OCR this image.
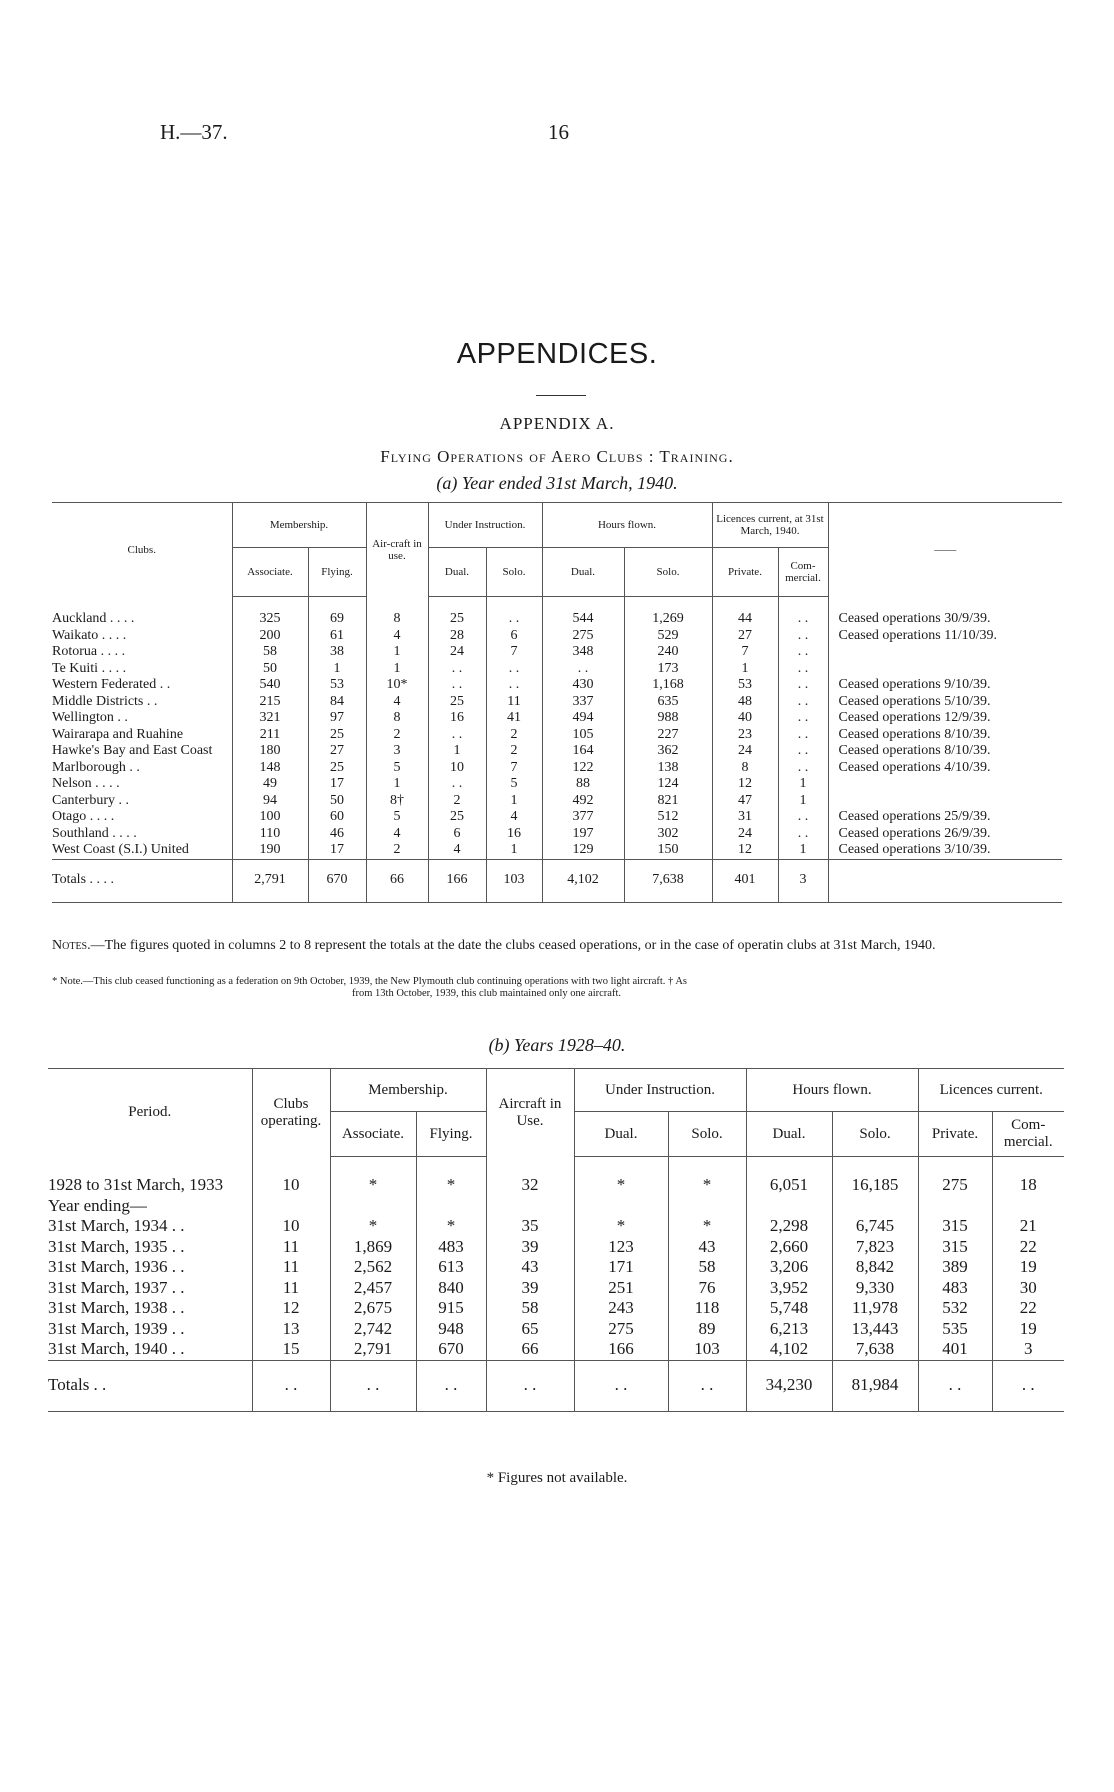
H.—37.	16
APPENDICES.
APPENDIX A.
Flying Operations of Aero Clubs : Training.
(a) Year ended 31st March, 1940.
Clubs.	Membership.		Air-craft in use.	Under Instruction.		Hours flown.		Licences current, at 31st March, 1940.		——
	Associate.	Flying.		Dual.	Solo.	Dual.	Solo.	Private.	Com-mercial.	
Auckland . . . .	325	69	8	25	. .	544	1,269	44	. .	Ceased operations 30/9/39.
Waikato . . . .	200	61	4	28	6	275	529	27	. .	Ceased operations 11/10/39.
Rotorua . . . .	58	38	1	24	7	348	240	7	. .	
Te Kuiti . . . .	50	1	1	. .	. .	. .	173	1	. .	
Western Federated . .	540	53	10*	. .	. .	430	1,168	53	. .	Ceased operations 9/10/39.
Middle Districts . .	215	84	4	25	11	337	635	48	. .	Ceased operations 5/10/39.
Wellington . .	321	97	8	16	41	494	988	40	. .	Ceased operations 12/9/39.
Wairarapa and Ruahine	211	25	2	. .	2	105	227	23	. .	Ceased operations 8/10/39.
Hawke's Bay and East Coast	180	27	3	1	2	164	362	24	. .	Ceased operations 8/10/39.
Marlborough . .	148	25	5	10	7	122	138	8	. .	Ceased operations 4/10/39.
Nelson . . . .	49	17	1	. .	5	88	124	12	1	
Canterbury . .	94	50	8†	2	1	492	821	47	1	
Otago . . . .	100	60	5	25	4	377	512	31	. .	Ceased operations 25/9/39.
Southland . . . .	110	46	4	6	16	197	302	24	. .	Ceased operations 26/9/39.
West Coast (S.I.) United	190	17	2	4	1	129	150	12	1	Ceased operations 3/10/39.
Totals . . . .	2,791	670	66	166	103	4,102	7,638	401	3	
Notes.—The figures quoted in columns 2 to 8 represent the totals at the date the clubs ceased operations, or in the case of operatin clubs at 31st March, 1940.
* Note.—This club ceased functioning as a federation on 9th October, 1939, the New Plymouth club continuing operations with two light aircraft. † As
from 13th October, 1939, this club maintained only one aircraft.
(b) Years 1928–40.
Period.	Clubs operating.	Membership.		Aircraft in Use.	Under Instruction.		Hours flown.		Licences current.	
		Associate.	Flying.		Dual.	Solo.	Dual.	Solo.	Private.	Com-mercial.
1928 to 31st March, 1933	10	*	*	32	*	*	6,051	16,185	275	18
Year ending—										
31st March, 1934 . .	10	*	*	35	*	*	2,298	6,745	315	21
31st March, 1935 . .	11	1,869	483	39	123	43	2,660	7,823	315	22
31st March, 1936 . .	11	2,562	613	43	171	58	3,206	8,842	389	19
31st March, 1937 . .	11	2,457	840	39	251	76	3,952	9,330	483	30
31st March, 1938 . .	12	2,675	915	58	243	118	5,748	11,978	532	22
31st March, 1939 . .	13	2,742	948	65	275	89	6,213	13,443	535	19
31st March, 1940 . .	15	2,791	670	66	166	103	4,102	7,638	401	3
Totals . .	. .	. .	. .	. .	. .	. .	34,230	81,984	. .	. .
* Figures not available.
